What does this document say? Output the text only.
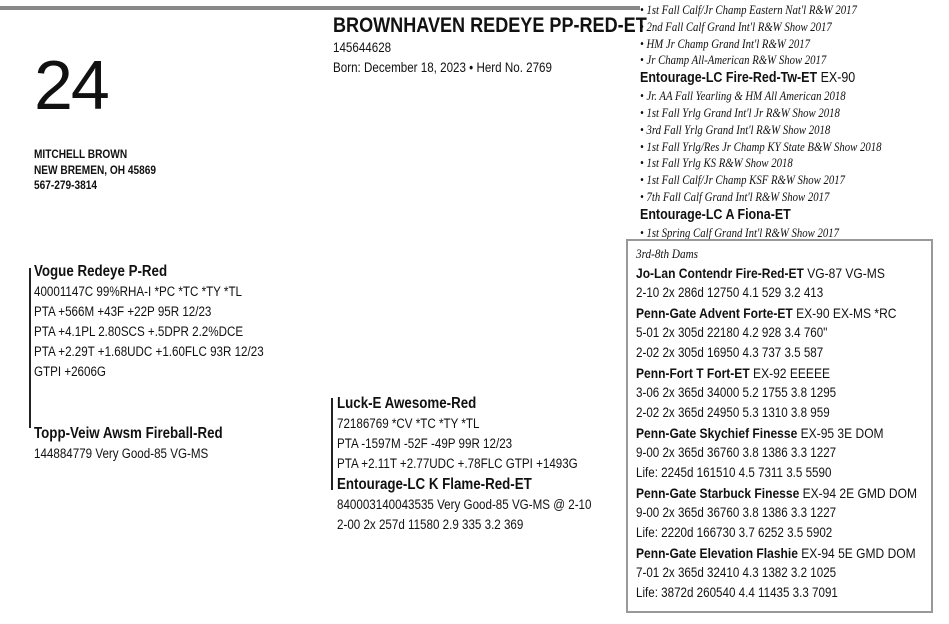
24
MITCHELL BROWN
NEW BREMEN, OH 45869
567-279-3814
BROWNHAVEN REDEYE PP-RED-ET
145644628
Born: December 18, 2023 • Herd No. 2769
Vogue Redeye P-Red
40001147C 99%RHA-I *PC *TC *TY *TL
PTA +566M +43F +22P 95R 12/23
PTA +4.1PL 2.80SCS +.5DPR 2.2%DCE
PTA +2.29T +1.68UDC +1.60FLC 93R 12/23
GTPI +2606G
Topp-Veiw Awsm Fireball-Red
144884779 Very Good-85 VG-MS
Luck-E Awesome-Red
72186769 *CV *TC *TY *TL
PTA -1597M -52F -49P 99R 12/23
PTA +2.11T +2.77UDC +.78FLC GTPI +1493G
Entourage-LC K Flame-Red-ET
840003140043535 Very Good-85 VG-MS @ 2-10
2-00 2x 257d 11580 2.9 335 3.2 369
• 1st Fall Calf/Jr Champ Eastern Nat'l R&W 2017
• 2nd Fall Calf Grand Int'l R&W Show 2017
• HM Jr Champ Grand Int'l R&W 2017
• Jr Champ All-American R&W Show 2017
Entourage-LC Fire-Red-Tw-ET EX-90
• Jr. AA Fall Yearling & HM All American 2018
• 1st Fall Yrlg Grand Int'l Jr R&W Show 2018
• 3rd Fall Yrlg Grand Int'l R&W Show 2018
• 1st Fall Yrlg/Res Jr Champ KY State B&W Show 2018
• 1st Fall Yrlg KS R&W Show 2018
• 1st Fall Calf/Jr Champ KSF R&W Show 2017
• 7th Fall Calf Grand Int'l R&W Show 2017
Entourage-LC A Fiona-ET
• 1st Spring Calf Grand Int'l R&W Show 2017
3rd-8th Dams
Jo-Lan Contendr Fire-Red-ET VG-87 VG-MS
2-10 2x 286d 12750 4.1 529 3.2 413
Penn-Gate Advent Forte-ET EX-90 EX-MS *RC
5-01 2x 305d 22180 4.2 928 3.4 760"
2-02 2x 305d 16950 4.3 737 3.5 587
Penn-Fort T Fort-ET EX-92 EEEEE
3-06 2x 365d 34000 5.2 1755 3.8 1295
2-02 2x 365d 24950 5.3 1310 3.8 959
Penn-Gate Skychief Finesse EX-95 3E DOM
9-00 2x 365d 36760 3.8 1386 3.3 1227
Life: 2245d 161510 4.5 7311 3.5 5590
Penn-Gate Starbuck Finesse EX-94 2E GMD DOM
9-00 2x 365d 36760 3.8 1386 3.3 1227
Life: 2220d 166730 3.7 6252 3.5 5902
Penn-Gate Elevation Flashie EX-94 5E GMD DOM
7-01 2x 365d 32410 4.3 1382 3.2 1025
Life: 3872d 260540 4.4 11435 3.3 7091
